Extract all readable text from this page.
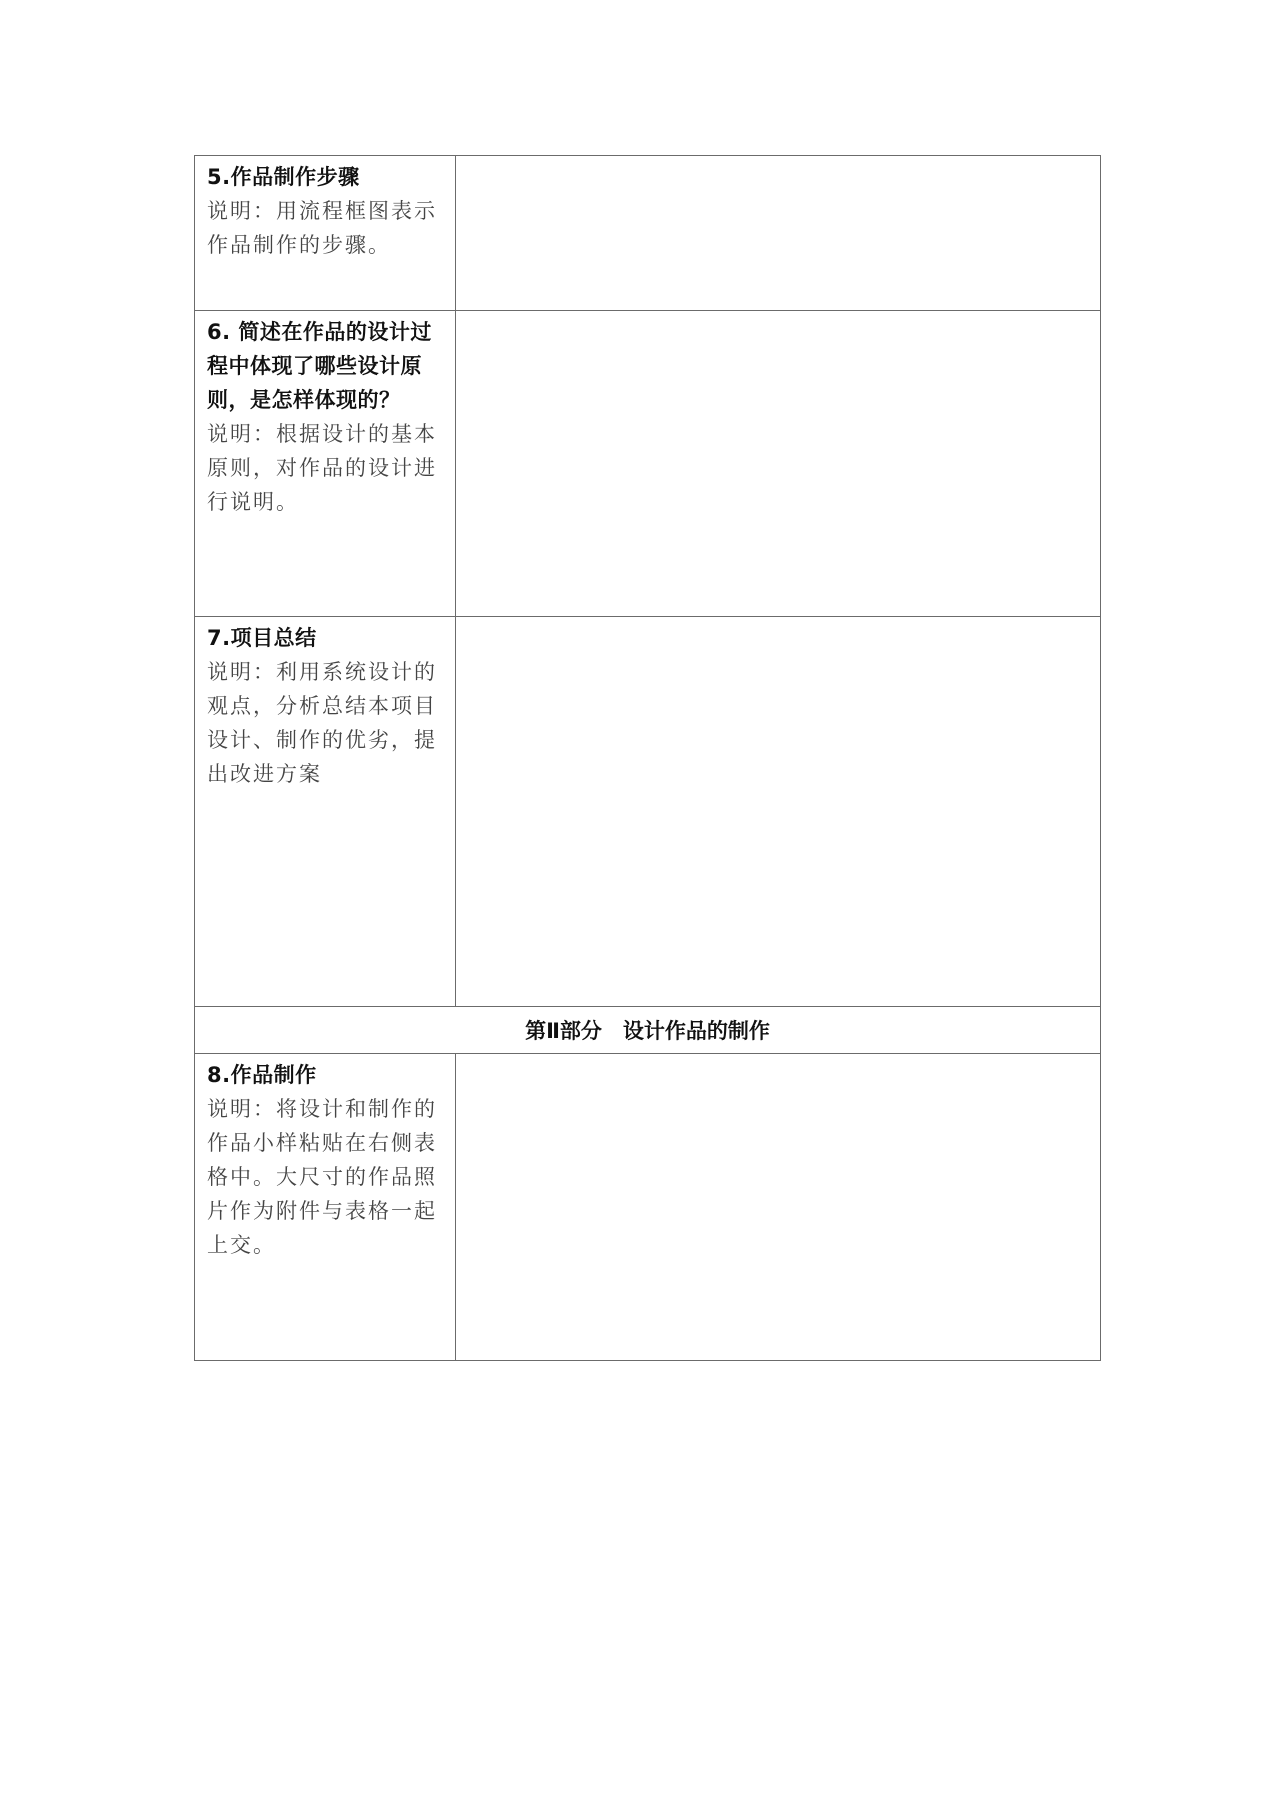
5.作品制作步骤
说明：用流程框图表示作品制作的步骤。	

6. 简述在作品的设计过程中体现了哪些设计原则，是怎样体现的？
说明：根据设计的基本原则，对作品的设计进行说明。	

7.项目总结
说明：利用系统设计的观点，分析总结本项目设计、制作的优劣，提出改进方案	

第Ⅱ部分　设计作品的制作	

8.作品制作
说明：将设计和制作的作品小样粘贴在右侧表格中。大尺寸的作品照片作为附件与表格一起上交。	
